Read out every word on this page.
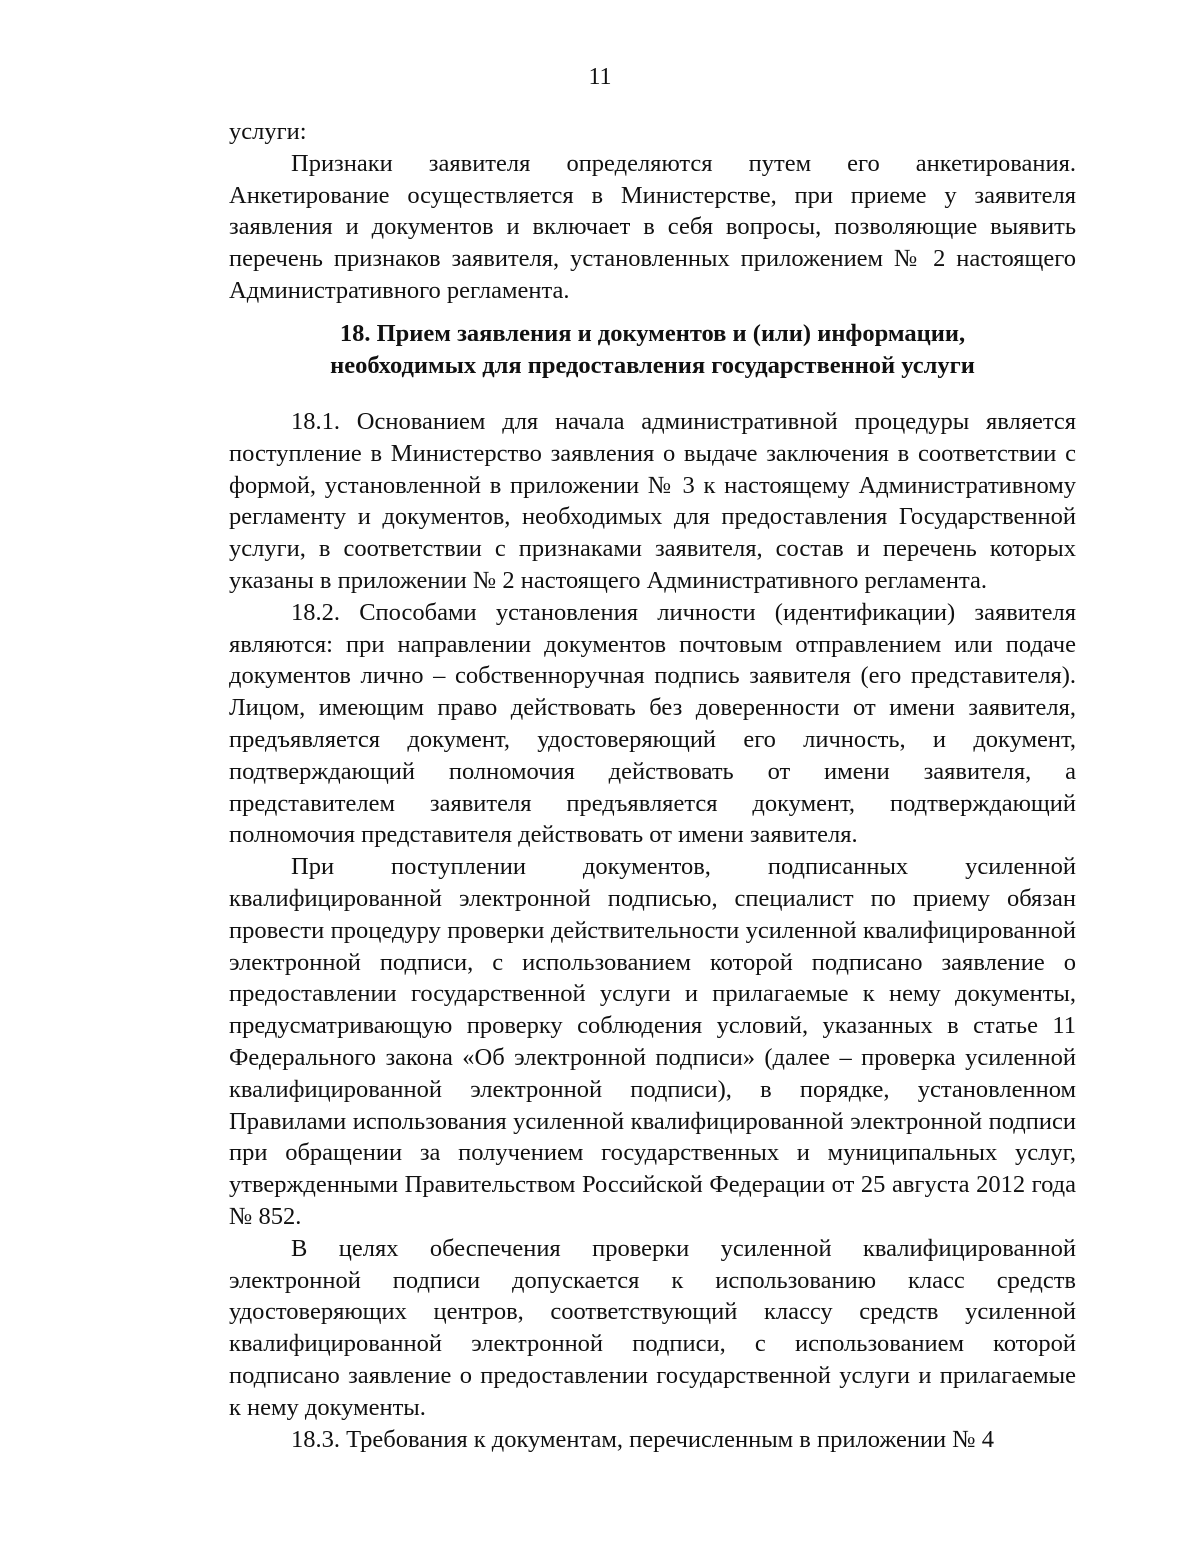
11

услуги:

Признаки заявителя определяются путем его анкетирования. Анкетирование осуществляется в Министерстве, при приеме у заявителя заявления и документов и включает в себя вопросы, позволяющие выявить перечень признаков заявителя, установленных приложением № 2 настоящего Административного регламента.

18. Прием заявления и документов и (или) информации,
необходимых для предоставления государственной услуги

18.1. Основанием для начала административной процедуры является поступление в Министерство заявления о выдаче заключения в соответствии с формой, установленной в приложении № 3 к настоящему Административному регламенту и документов, необходимых для предоставления Государственной услуги, в соответствии с признаками заявителя, состав и перечень которых указаны в приложении № 2 настоящего Административного регламента.

18.2. Способами установления личности (идентификации) заявителя являются: при направлении документов почтовым отправлением или подаче документов лично – собственноручная подпись заявителя (его представителя). Лицом, имеющим право действовать без доверенности от имени заявителя, предъявляется документ, удостоверяющий его личность, и документ, подтверждающий полномочия действовать от имени заявителя, а представителем заявителя предъявляется документ, подтверждающий полномочия представителя действовать от имени заявителя.

При поступлении документов, подписанных усиленной квалифицированной электронной подписью, специалист по приему обязан провести процедуру проверки действительности усиленной квалифицированной электронной подписи, с использованием которой подписано заявление о предоставлении государственной услуги и прилагаемые к нему документы, предусматривающую проверку соблюдения условий, указанных в статье 11 Федерального закона «Об электронной подписи» (далее – проверка усиленной квалифицированной электронной подписи), в порядке, установленном Правилами использования усиленной квалифицированной электронной подписи при обращении за получением государственных и муниципальных услуг, утвержденными Правительством Российской Федерации от 25 августа 2012 года № 852.

В целях обеспечения проверки усиленной квалифицированной электронной подписи допускается к использованию класс средств удостоверяющих центров, соответствующий классу средств усиленной квалифицированной электронной подписи, с использованием которой подписано заявление о предоставлении государственной услуги и прилагаемые к нему документы.

18.3. Требования к документам, перечисленным в приложении № 4
